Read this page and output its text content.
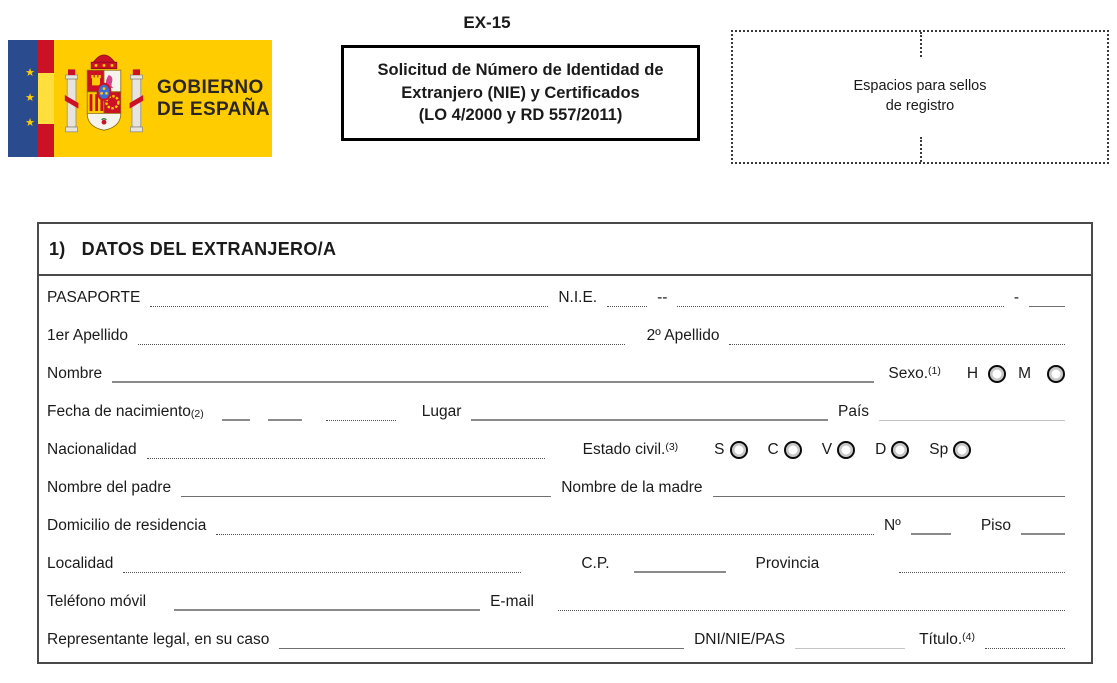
★
★
★
GOBIERNO
DE ESPAÑA
EX-15
Solicitud de Número de Identidad de
Extranjero (NIE) y Certificados
(LO 4/2000 y RD 557/2011)
Espacios para sellos
de registro
1) DATOS DEL EXTRANJERO/A
PASAPORTE	N.I.E.	--	-
1er Apellido	2º Apellido
Nombre	Sexo. (1) H	M
Fecha de nacimiento (2)	Lugar	País
Nacionalidad	Estado civil. (3) S	C	V	D	Sp
Nombre del padre	Nombre de la madre
Domicilio de residencia	Nº	Piso
Localidad	C.P.	Provincia
Teléfono móvil	E-mail
Representante legal, en su caso	DNI/NIE/PAS	Título. (4)
